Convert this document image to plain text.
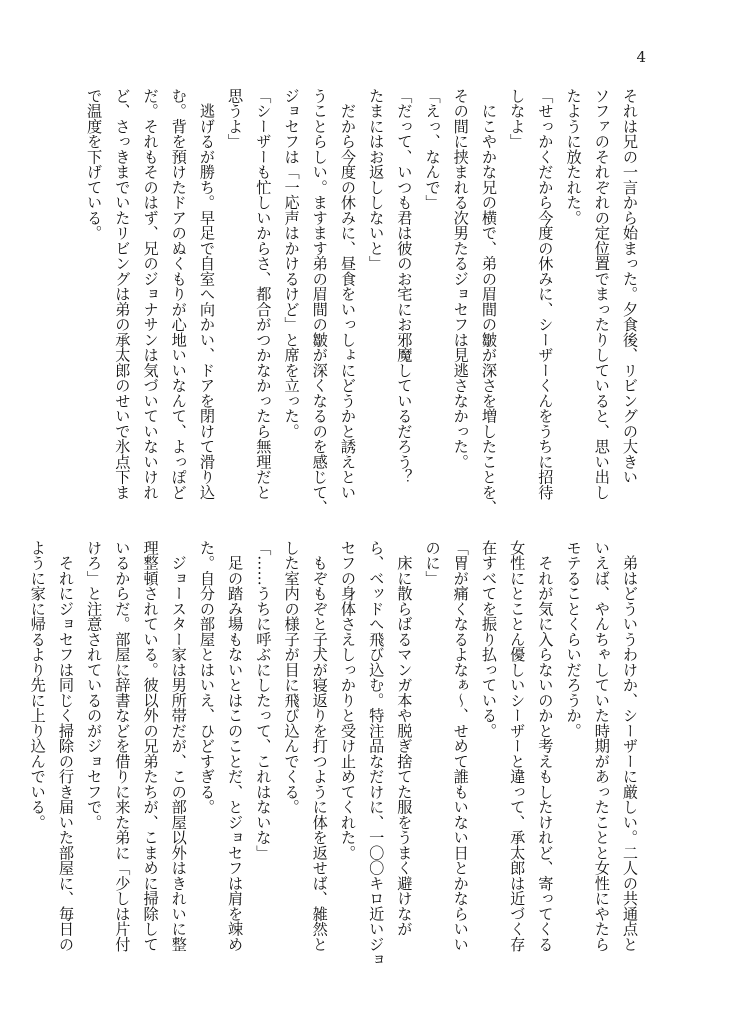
4
それは兄の一言から始まった。夕食後、リビングの大きい
ソファのそれぞれの定位置でまったりしていると、思い出し
たように放たれた。
「せっかくだから今度の休みに、シーザーくんをうちに招待
しなよ」
　にこやかな兄の横で、弟の眉間の皺が深さを増したことを、
その間に挟まれる次男たるジョセフは見逃さなかった。
「えっ、なんで」
「だって、いつも君は彼のお宅にお邪魔しているだろう？
たまにはお返ししないと」
　だから今度の休みに、昼食をいっしょにどうかと誘えとい
うことらしい。ますます弟の眉間の皺が深くなるのを感じて、
ジョセフは「一応声はかけるけど」と席を立った。
「シーザーも忙しいからさ、都合がつかなかったら無理だと
思うよ」
　逃げるが勝ち。早足で自室へ向かい、ドアを閉けて滑り込
む。背を預けたドアのぬくもりが心地いいなんて、よっぽど
だ。それもそのはず、兄のジョナサンは気づいていないけれ
ど、さっきまでいたリビングは弟の承太郎のせいで氷点下ま
で温度を下げている。
　弟はどういうわけか、シーザーに厳しい。二人の共通点と
いえば、やんちゃしていた時期があったことと女性にやたら
モテることくらいだろうか。
　それが気に入らないのかと考えもしたけれど、寄ってくる
女性にとことん優しいシーザーと違って、承太郎は近づく存
在すべてを振り払っている。
「胃が痛くなるよなぁ〜、せめて誰もいない日とかならいい
のに」
　床に散らばるマンガ本や脱ぎ捨てた服をうまく避けなが
ら、ベッドへ飛び込む。特注品なだけに、一〇〇キロ近いジョ
セフの身体さえしっかりと受け止めてくれた。
　もぞもぞと子犬が寝返りを打つように体を返せば、雑然と
した室内の様子が目に飛び込んでくる。
「……うちに呼ぶにしたって、これはないな」
　足の踏み場もないとはこのことだ、とジョセフは肩を竦め
た。自分の部屋とはいえ、ひどすぎる。
　ジョースター家は男所帯だが、この部屋以外はきれいに整
理整頓されている。彼以外の兄弟たちが、こまめに掃除して
いるからだ。部屋に辞書などを借りに来た弟に「少しは片付
けろ」と注意されているのがジョセフで。
　それにジョセフは同じく掃除の行き届いた部屋に、毎日の
ように家に帰るより先に上り込んでいる。
